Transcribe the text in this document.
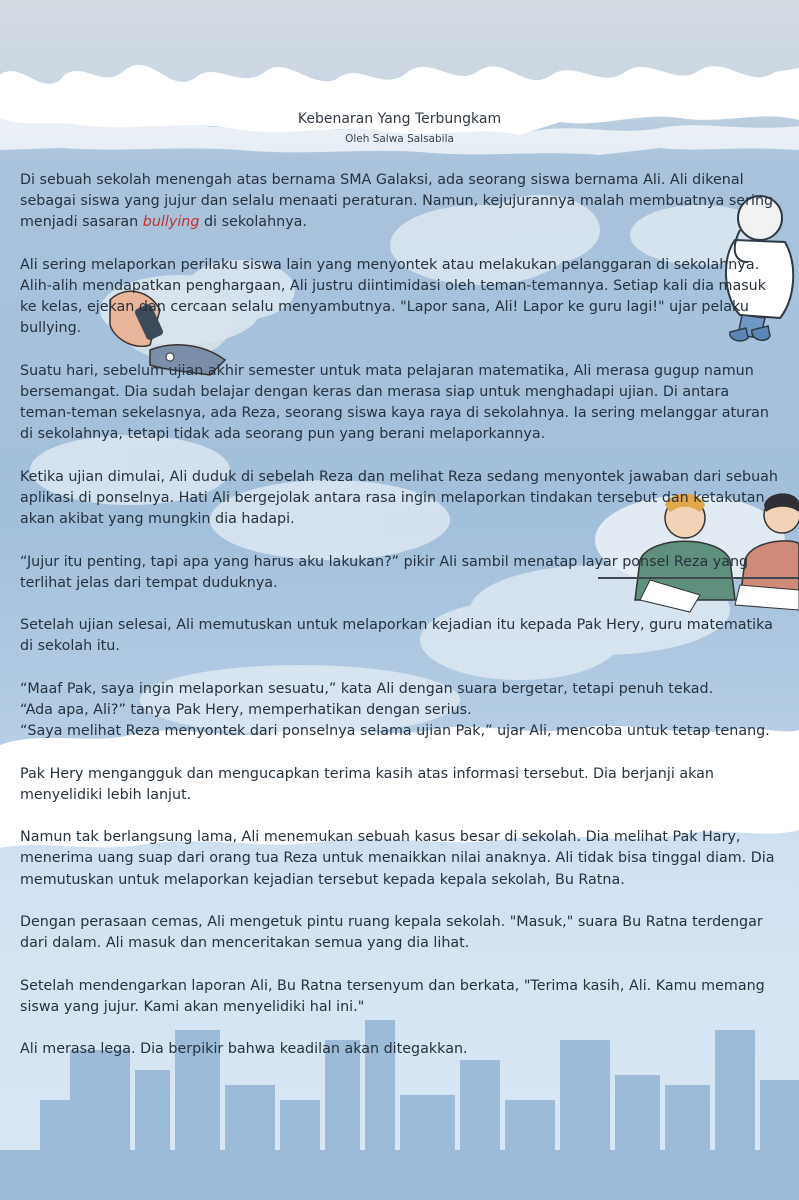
Kebenaran Yang Terbungkam
Oleh Salwa Salsabila

Di sebuah sekolah menengah atas bernama SMA Galaksi, ada seorang siswa bernama Ali. Ali dikenal sebagai siswa yang jujur dan selalu menaati peraturan. Namun, kejujurannya malah membuatnya sering menjadi sasaran bullying di sekolahnya.

Ali sering melaporkan perilaku siswa lain yang menyontek atau melakukan pelanggaran di sekolahnya. Alih-alih mendapatkan penghargaan, Ali justru diintimidasi oleh teman-temannya. Setiap kali dia masuk ke kelas, ejekan dan cercaan selalu menyambutnya. "Lapor sana, Ali! Lapor ke guru lagi!" ujar pelaku bullying.

Suatu hari, sebelum ujian akhir semester untuk mata pelajaran matematika, Ali merasa gugup namun bersemangat. Dia sudah belajar dengan keras dan merasa siap untuk menghadapi ujian. Di antara teman-teman sekelasnya, ada Reza, seorang siswa kaya raya di sekolahnya. Ia sering melanggar aturan di sekolahnya, tetapi tidak ada seorang pun yang berani melaporkannya.

Ketika ujian dimulai, Ali duduk di sebelah Reza dan melihat Reza sedang menyontek jawaban dari sebuah aplikasi di ponselnya. Hati Ali bergejolak antara rasa ingin melaporkan tindakan tersebut dan ketakutan akan akibat yang mungkin dia hadapi.

“Jujur itu penting, tapi apa yang harus aku lakukan?” pikir Ali sambil menatap layar ponsel Reza yang terlihat jelas dari tempat duduknya.

Setelah ujian selesai, Ali memutuskan untuk melaporkan kejadian itu kepada Pak Hery, guru matematika di sekolah itu.

“Maaf Pak, saya ingin melaporkan sesuatu,” kata Ali dengan suara bergetar, tetapi penuh tekad.

“Ada apa, Ali?” tanya Pak Hery, memperhatikan dengan serius.

“Saya melihat Reza menyontek dari ponselnya selama ujian Pak,” ujar Ali, mencoba untuk tetap tenang.

Pak Hery mengangguk dan mengucapkan terima kasih atas informasi tersebut. Dia berjanji akan menyelidiki lebih lanjut.

Namun tak berlangsung lama, Ali menemukan sebuah kasus besar di sekolah. Dia melihat Pak Hary, menerima uang suap dari orang tua Reza untuk menaikkan nilai anaknya. Ali tidak bisa tinggal diam. Dia memutuskan untuk melaporkan kejadian tersebut kepada kepala sekolah, Bu Ratna.

Dengan perasaan cemas, Ali mengetuk pintu ruang kepala sekolah. "Masuk," suara Bu Ratna terdengar dari dalam. Ali masuk dan menceritakan semua yang dia lihat.

Setelah mendengarkan laporan Ali, Bu Ratna tersenyum dan berkata, "Terima kasih, Ali. Kamu memang siswa yang jujur. Kami akan menyelidiki hal ini."

Ali merasa lega. Dia berpikir bahwa keadilan akan ditegakkan.
